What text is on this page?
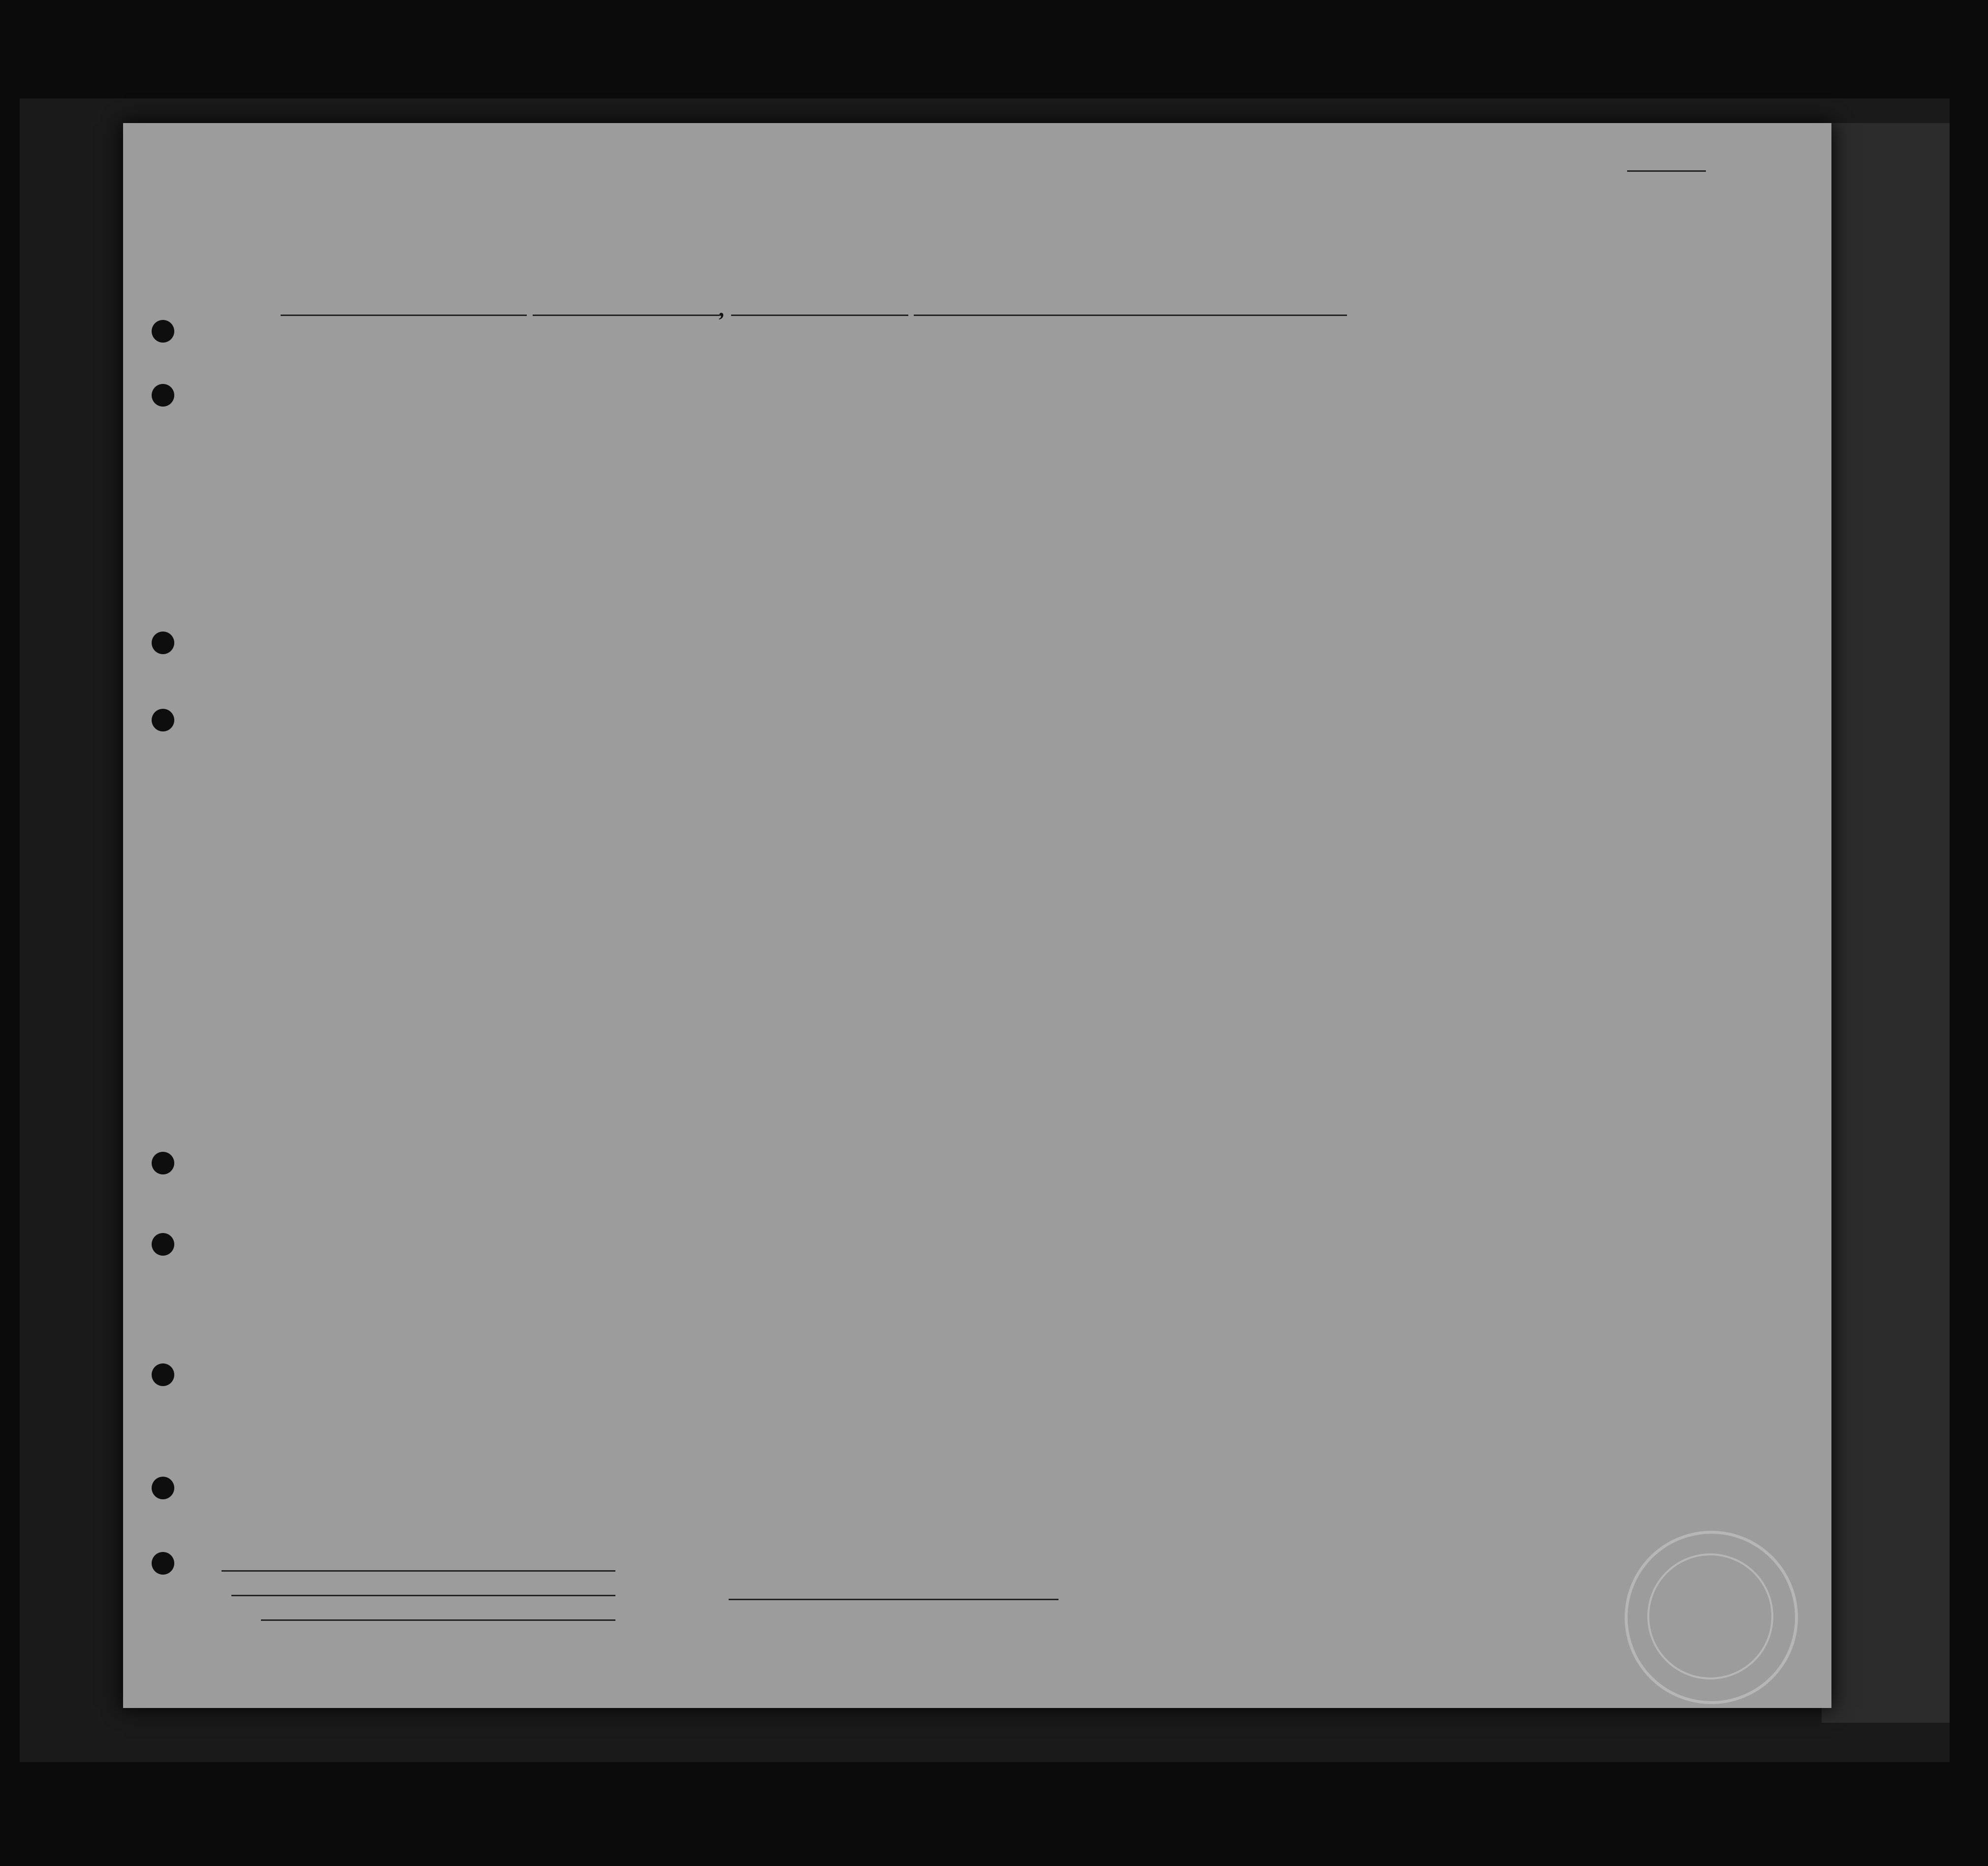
,
